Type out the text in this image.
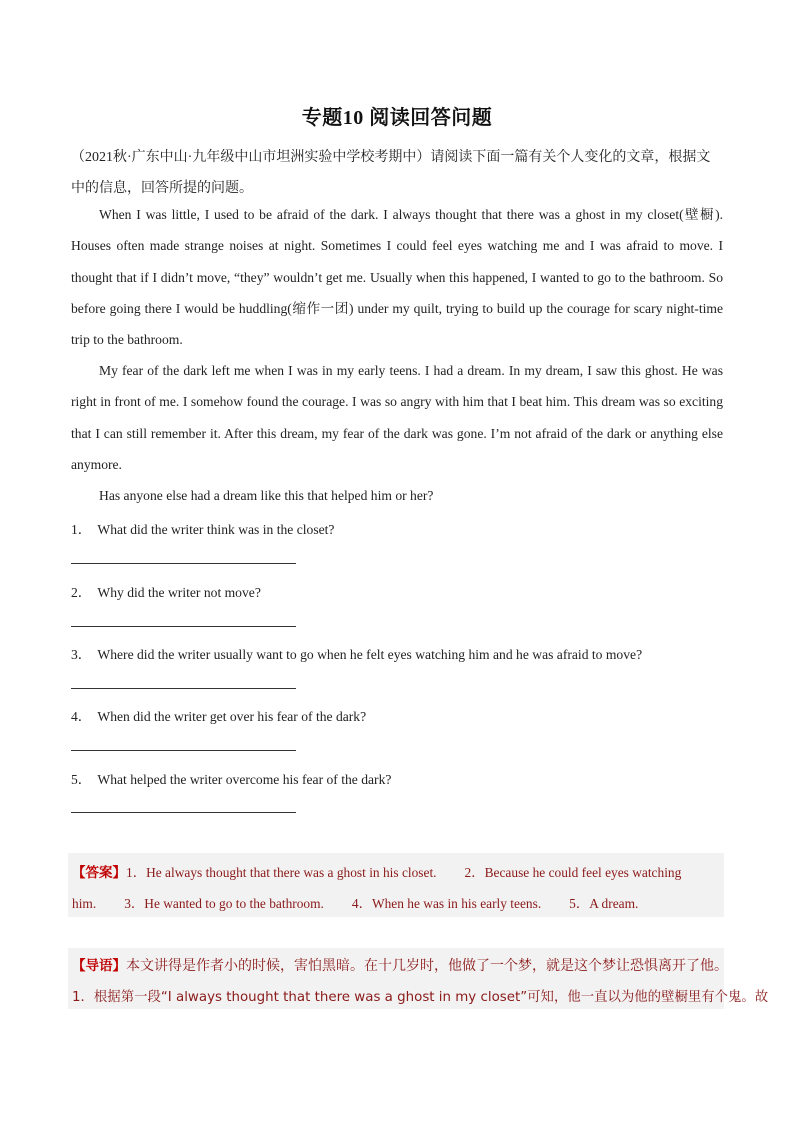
专题10 阅读回答问题
（2021秋·广东中山·九年级中山市坦洲实验中学校考期中）请阅读下面一篇有关个人变化的文章，根据文中的信息，回答所提的问题。

When I was little, I used to be afraid of the dark. I always thought that there was a ghost in my closet(壁橱). Houses often made strange noises at night. Sometimes I could feel eyes watching me and I was afraid to move. I thought that if I didn’t move, “they” wouldn’t get me. Usually when this happened, I wanted to go to the bathroom. So before going there I would be huddling(缩作一团) under my quilt, trying to build up the courage for scary night-time trip to the bathroom.

My fear of the dark left me when I was in my early teens. I had a dream. In my dream, I saw this ghost. He was right in front of me. I somehow found the courage. I was so angry with him that I beat him. This dream was so exciting that I can still remember it. After this dream, my fear of the dark was gone. I’m not afraid of the dark or anything else anymore.

Has anyone else had a dream like this that helped him or her?

1． What did the writer think was in the closet?
2． Why did the writer not move?
3． Where did the writer usually want to go when he felt eyes watching him and he was afraid to move?
4． When did the writer get over his fear of the dark?
5． What helped the writer overcome his fear of the dark?
【答案】1．He always thought that there was a ghost in his closet. 2．Because he could feel eyes watching
him. 3．He wanted to go to the bathroom. 4．When he was in his early teens. 5．A dream.
【导语】本文讲得是作者小的时候，害怕黑暗。在十几岁时，他做了一个梦，就是这个梦让恐惧离开了他。
1．根据第一段“I always thought that there was a ghost in my closet”可知，他一直以为他的壁橱里有个鬼。故
